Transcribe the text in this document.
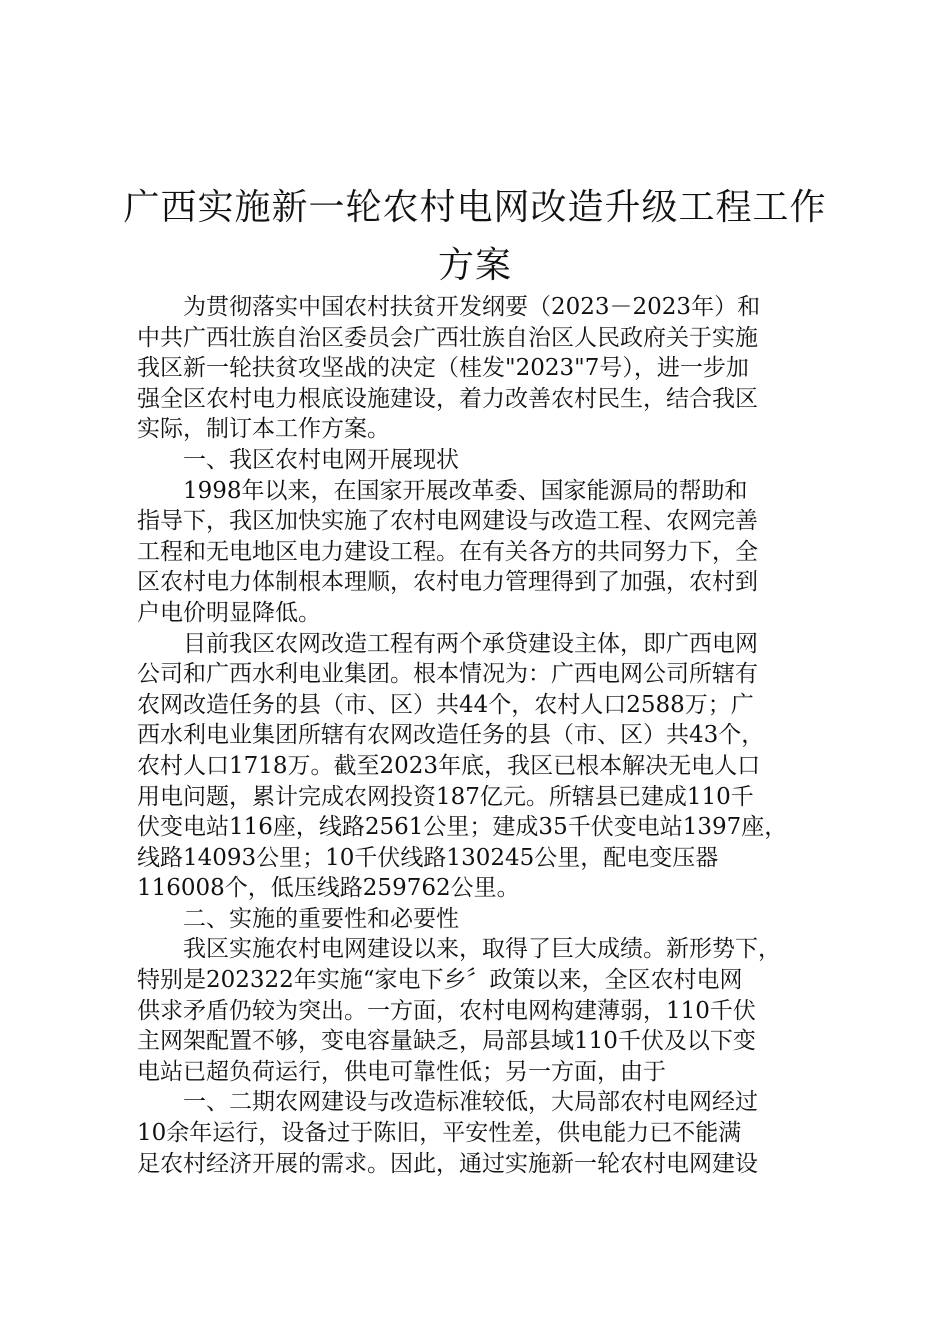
广西实施新一轮农村电网改造升级工程工作
方案
为贯彻落实中国农村扶贫开发纲要（2023－2023年）和
中共广西壮族自治区委员会广西壮族自治区人民政府关于实施
我区新一轮扶贫攻坚战的决定（桂发"2023"7号），进一步加
强全区农村电力根底设施建设，着力改善农村民生，结合我区
实际，制订本工作方案。
一、我区农村电网开展现状
1998年以来，在国家开展改革委、国家能源局的帮助和
指导下，我区加快实施了农村电网建设与改造工程、农网完善
工程和无电地区电力建设工程。在有关各方的共同努力下，全
区农村电力体制根本理顺，农村电力管理得到了加强，农村到
户电价明显降低。
目前我区农网改造工程有两个承贷建设主体，即广西电网
公司和广西水利电业集团。根本情况为：广西电网公司所辖有
农网改造任务的县（市、区）共44个，农村人口2588万；广
西水利电业集团所辖有农网改造任务的县（市、区）共43个，
农村人口1718万。截至2023年底，我区已根本解决无电人口
用电问题，累计完成农网投资187亿元。所辖县已建成110千
伏变电站116座，线路2561公里；建成35千伏变电站1397座，
线路14093公里；10千伏线路130245公里，配电变压器
116008个，低压线路259762公里。
二、实施的重要性和必要性
我区实施农村电网建设以来，取得了巨大成绩。新形势下，
特别是202322年实施“家电下乡〞政策以来，全区农村电网
供求矛盾仍较为突出。一方面，农村电网构建薄弱，110千伏
主网架配置不够，变电容量缺乏，局部县域110千伏及以下变
电站已超负荷运行，供电可靠性低；另一方面，由于
一、二期农网建设与改造标准较低，大局部农村电网经过
10余年运行，设备过于陈旧，平安性差，供电能力已不能满
足农村经济开展的需求。因此，通过实施新一轮农村电网建设
